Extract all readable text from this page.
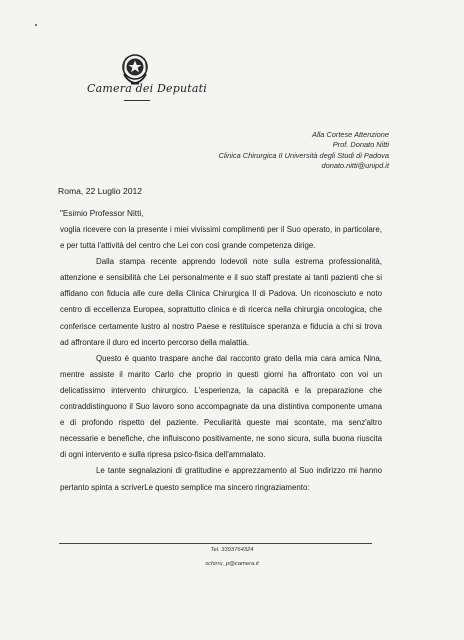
Camera dei Deputati
Alla Cortese Attenzione
Prof. Donato Nitti
Clinica Chirurgica II Università degli Studi di Padova
donato.nitti@unipd.it
Roma, 22 Luglio 2012
"Esimio Professor Nitti,

voglia ricevere con la presente i miei vivissimi complimenti per il Suo operato, in particolare, e per tutta l'attività del centro che Lei con così grande competenza dirige.

Dalla stampa recente apprendo lodevoli note sulla estrema professionalità, attenzione e sensibilità che Lei personalmente e il suo staff prestate ai tanti pazienti che si affidano con fiducia alle cure della Clinica Chirurgica II di Padova. Un riconosciuto e noto centro di eccellenza Europea, soprattutto clinica e di ricerca nella chirurgia oncologica, che conferisce certamente lustro al nostro Paese e restituisce speranza e fiducia a chi si trova ad affrontare il duro ed incerto percorso della malattia.

Questo è quanto traspare anche dal racconto grato della mia cara amica Nina, mentre assiste il marito Carlo che proprio in questi giorni ha affrontato con voi un delicatissimo intervento chirurgico. L'esperienza, la capacità e la preparazione che contraddistinguono il Suo lavoro sono accompagnate da una distintiva componente umana e di profondo rispetto del paziente. Peculiarità queste mai scontate, ma senz'altro necessarie e benefiche, che influiscono positivamente, ne sono sicura, sulla buona riuscita di ogni intervento e sulla ripresa psico-fisica dell'ammalato.

Le tante segnalazioni di gratitudine e apprezzamento al Suo indirizzo mi hanno pertanto spinta a scriverLe questo semplice ma sincero ringraziamento:

Tel. 3393764324
schirru_p@camera.it
